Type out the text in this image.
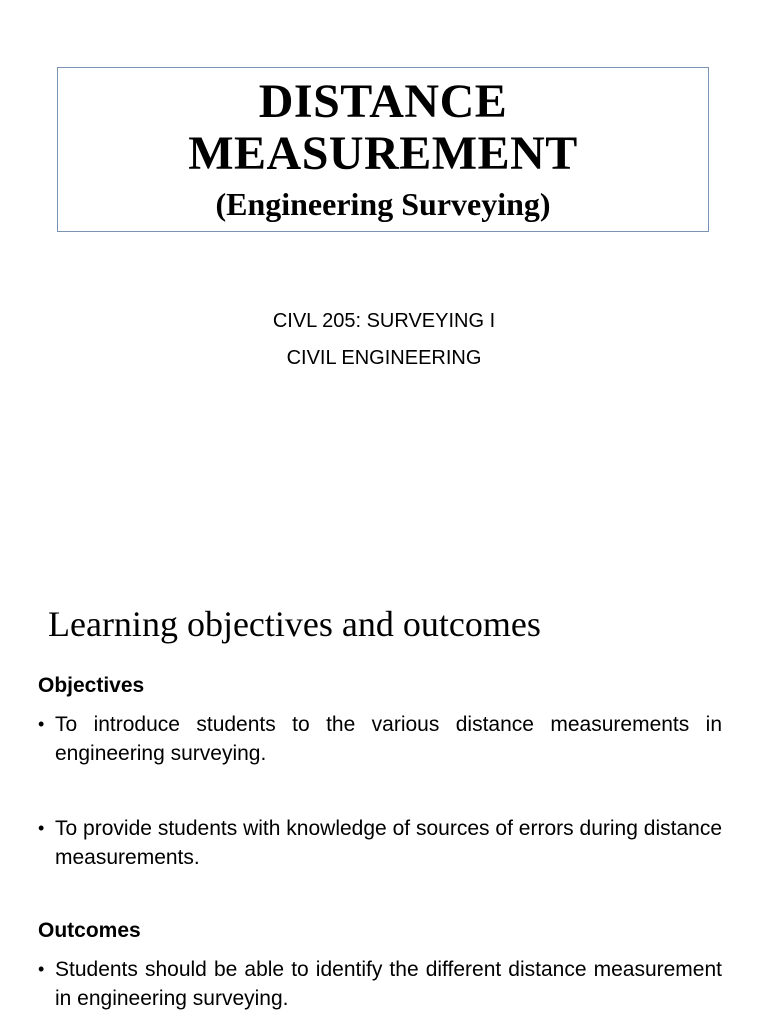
DISTANCE
MEASUREMENT
(Engineering Surveying)
CIVL 205: SURVEYING I
CIVIL ENGINEERING
Learning objectives and outcomes
Objectives
• To introduce students to the various distance measurements in engineering surveying.
• To provide students with knowledge of sources of errors during distance measurements.
Outcomes
• Students should be able to identify the different distance measurement in engineering surveying.
